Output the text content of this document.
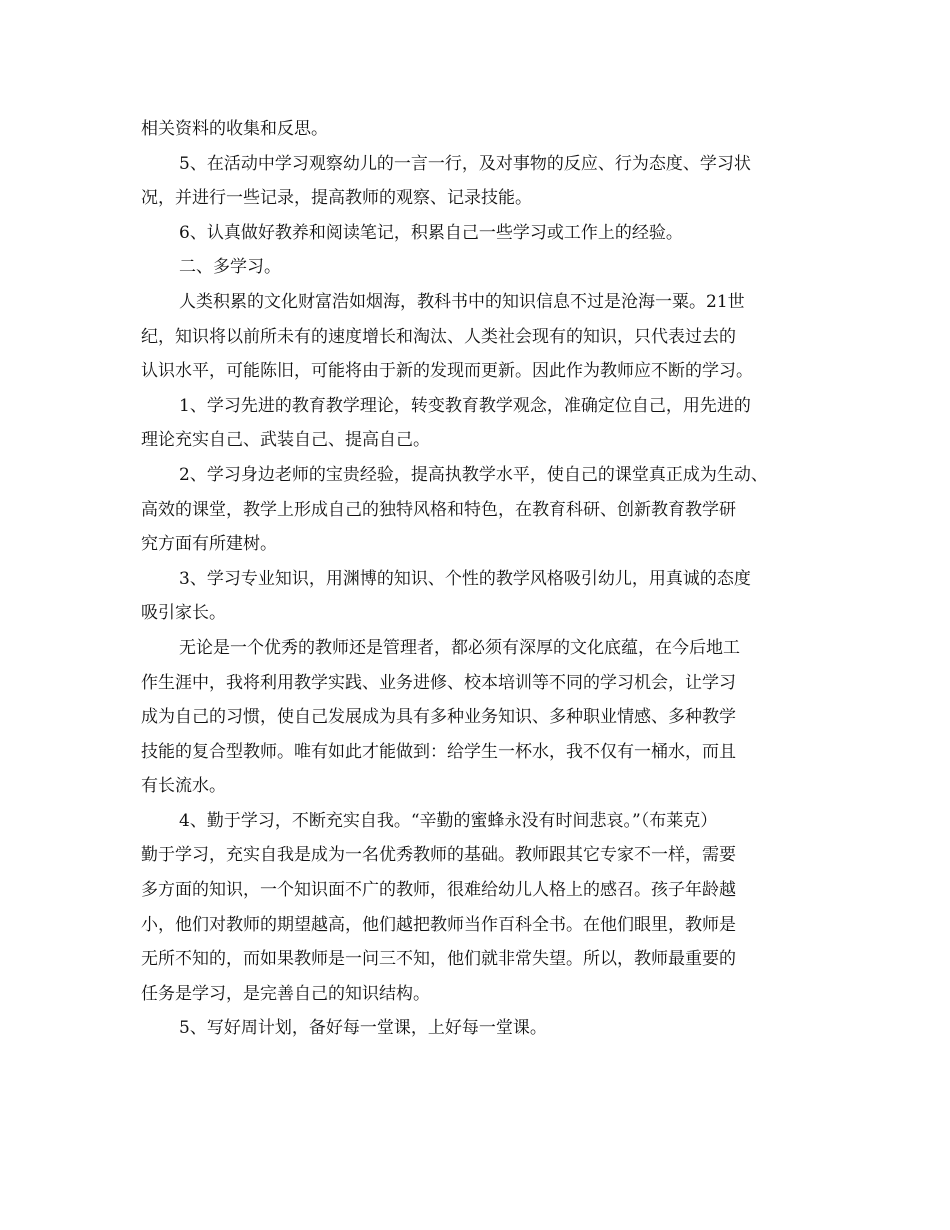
相关资料的收集和反思。
5、在活动中学习观察幼儿的一言一行，及对事物的反应、行为态度、学习状
况，并进行一些记录，提高教师的观察、记录技能。
6、认真做好教养和阅读笔记，积累自己一些学习或工作上的经验。
二、多学习。
人类积累的文化财富浩如烟海，教科书中的知识信息不过是沧海一粟。21世
纪，知识将以前所未有的速度增长和淘汰、人类社会现有的知识，只代表过去的
认识水平，可能陈旧，可能将由于新的发现而更新。因此作为教师应不断的学习。
1、学习先进的教育教学理论，转变教育教学观念，准确定位自己，用先进的
理论充实自己、武装自己、提高自己。
2、学习身边老师的宝贵经验，提高执教学水平，使自己的课堂真正成为生动、
高效的课堂，教学上形成自己的独特风格和特色，在教育科研、创新教育教学研
究方面有所建树。
3、学习专业知识，用渊博的知识、个性的教学风格吸引幼儿，用真诚的态度
吸引家长。
无论是一个优秀的教师还是管理者，都必须有深厚的文化底蕴，在今后地工
作生涯中，我将利用教学实践、业务进修、校本培训等不同的学习机会，让学习
成为自己的习惯，使自己发展成为具有多种业务知识、多种职业情感、多种教学
技能的复合型教师。唯有如此才能做到：给学生一杯水，我不仅有一桶水，而且
有长流水。
4、勤于学习，不断充实自我。“辛勤的蜜蜂永没有时间悲哀。”（布莱克）
勤于学习，充实自我是成为一名优秀教师的基础。教师跟其它专家不一样，需要
多方面的知识，一个知识面不广的教师，很难给幼儿人格上的感召。孩子年龄越
小，他们对教师的期望越高，他们越把教师当作百科全书。在他们眼里，教师是
无所不知的，而如果教师是一问三不知，他们就非常失望。所以，教师最重要的
任务是学习，是完善自己的知识结构。
5、写好周计划，备好每一堂课，上好每一堂课。
